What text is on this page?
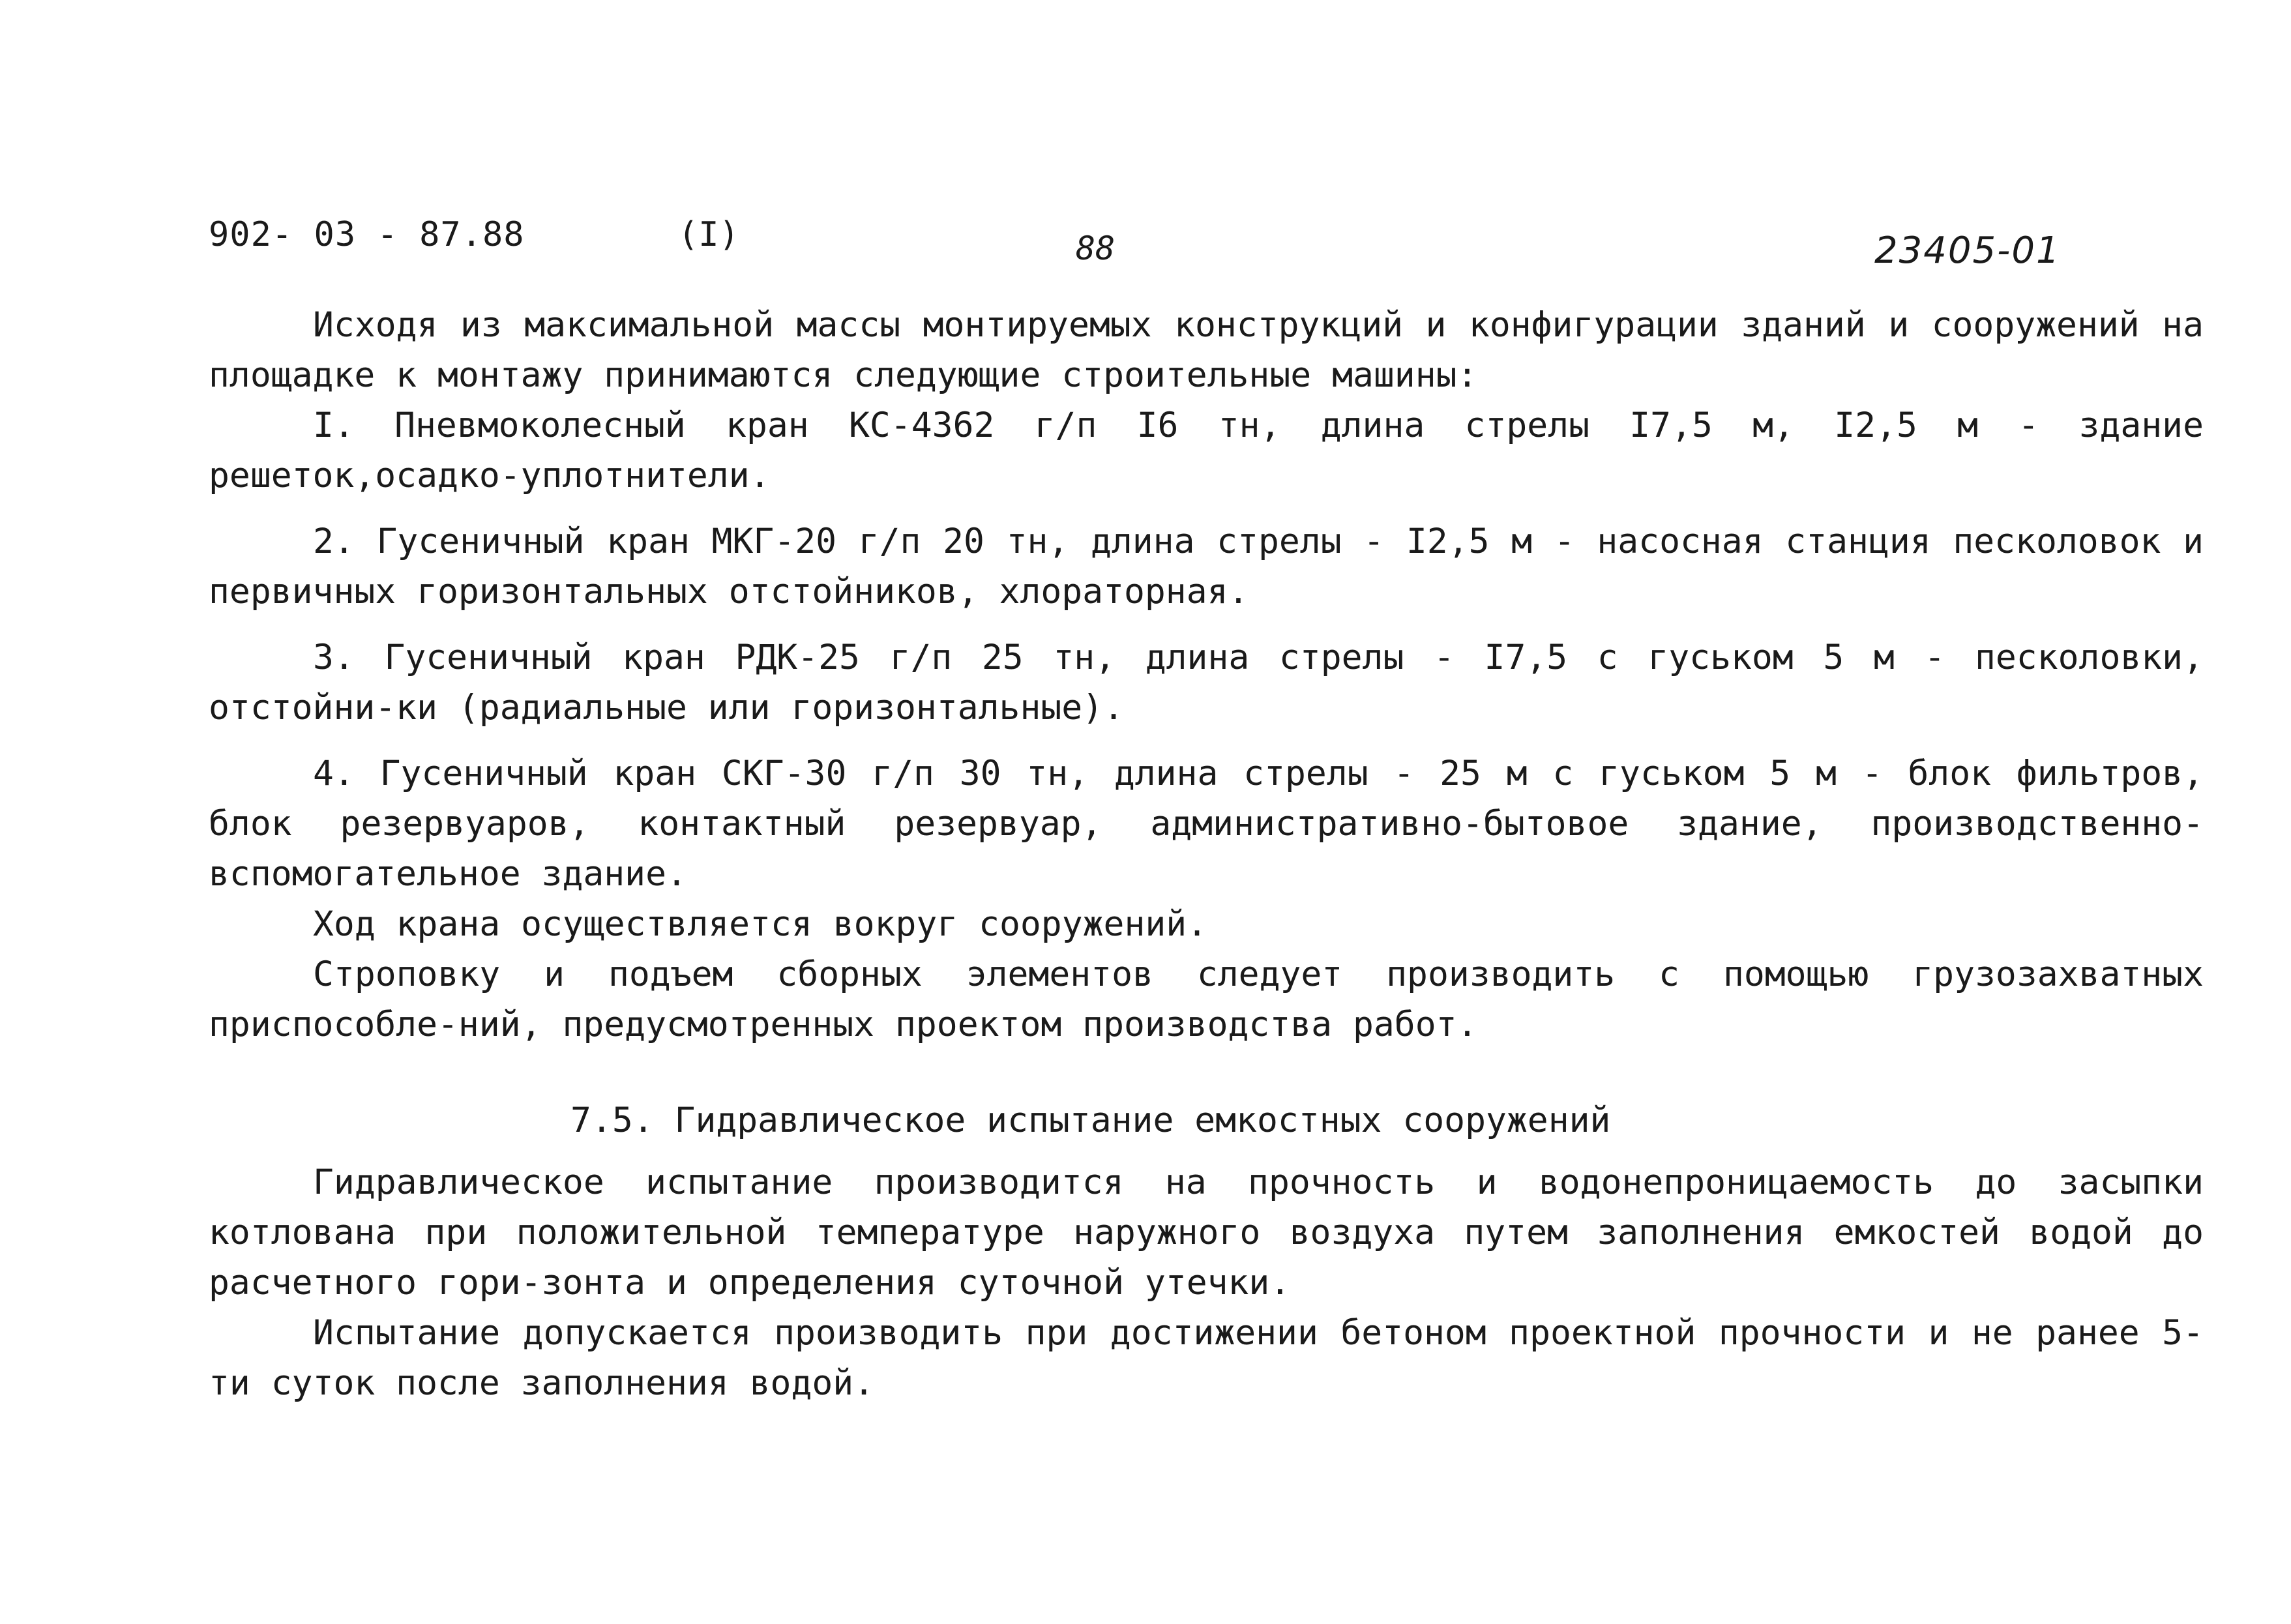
902- 03 - 87.88	(I)	88	23405-01

Исходя из максимальной массы монтируемых конструкций и конфигурации зданий и сооружений на площадке к монтажу принимаются следующие строительные машины:

I. Пневмоколесный кран КС-4362 г/п I6 тн, длина стрелы I7,5 м, I2,5 м - здание решеток,осадко-уплотнители.

2. Гусеничный кран МКГ-20 г/п 20 тн, длина стрелы - I2,5 м - насосная станция песколовок и первичных горизонтальных отстойников, хлораторная.

3. Гусеничный кран РДК-25 г/п 25 тн, длина стрелы - I7,5 с гуськом 5 м - песколовки, отстойни-ки (радиальные или горизонтальные).

4. Гусеничный кран СКГ-30 г/п 30 тн, длина стрелы - 25 м с гуськом 5 м - блок фильтров, блок резервуаров, контактный резервуар, административно-бытовое здание, производственно-вспомогательное здание.

Ход крана осуществляется вокруг сооружений.

Строповку и подъем сборных элементов следует производить с помощью грузозахватных приспособле-ний, предусмотренных проектом производства работ.

7.5. Гидравлическое испытание емкостных сооружений

Гидравлическое испытание производится на прочность и водонепроницаемость до засыпки котлована при положительной температуре наружного воздуха путем заполнения емкостей водой до расчетного гори-зонта и определения суточной утечки.

Испытание допускается производить при достижении бетоном проектной прочности и не ранее 5-ти суток после заполнения водой.
